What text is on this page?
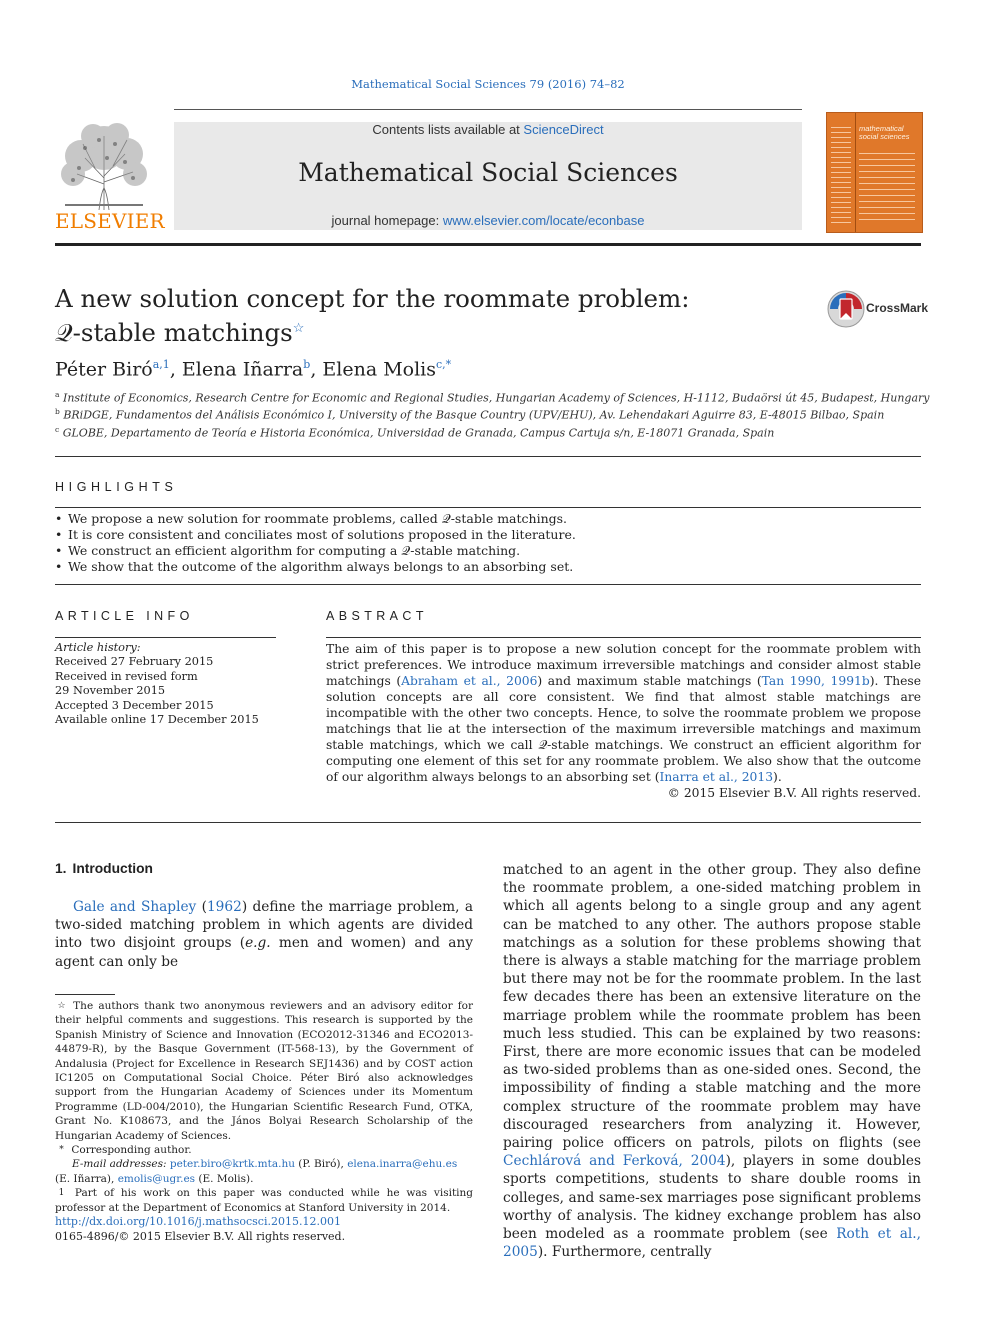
Mathematical Social Sciences 79 (2016) 74–82
ELSEVIER
Contents lists available at ScienceDirect
Mathematical Social Sciences
journal homepage: www.elsevier.com/locate/econbase
mathematical social sciences
A new solution concept for the roommate problem:
𝒬-stable matchings☆
CrossMark
Péter Biró$^{a,1}$, Elena Iñarra$^b$, Elena Molis$^{c,*}$
$^a$ Institute of Economics, Research Centre for Economic and Regional Studies, Hungarian Academy of Sciences, H-1112, Budaörsi út 45, Budapest, Hungary
$^b$ BRiDGE, Fundamentos del Análisis Económico I, University of the Basque Country (UPV/EHU), Av. Lehendakari Aguirre 83, E-48015 Bilbao, Spain
$^c$ GLOBE, Departamento de Teoría e Historia Económica, Universidad de Granada, Campus Cartuja s/n, E-18071 Granada, Spain
HIGHLIGHTS
• We propose a new solution for roommate problems, called 𝒬-stable matchings.
• It is core consistent and conciliates most of solutions proposed in the literature.
• We construct an efficient algorithm for computing a 𝒬-stable matching.
• We show that the outcome of the algorithm always belongs to an absorbing set.
ARTICLE INFO
Article history:
Received 27 February 2015
Received in revised form
29 November 2015
Accepted 3 December 2015
Available online 17 December 2015
ABSTRACT
The aim of this paper is to propose a new solution concept for the roommate problem with strict preferences. We introduce maximum irreversible matchings and consider almost stable matchings (Abraham et al., 2006) and maximum stable matchings (Tan 1990, 1991b). These solution concepts are all core consistent. We find that almost stable matchings are incompatible with the other two concepts. Hence, to solve the roommate problem we propose matchings that lie at the intersection of the maximum irreversible matchings and maximum stable matchings, which we call 𝒬-stable matchings. We construct an efficient algorithm for computing one element of this set for any roommate problem. We also show that the outcome of our algorithm always belongs to an absorbing set (Inarra et al., 2013).
© 2015 Elsevier B.V. All rights reserved.
1. Introduction
Gale and Shapley (1962) define the marriage problem, a two-sided matching problem in which agents are divided into two disjoint groups (e.g. men and women) and any agent can only be
matched to an agent in the other group. They also define the roommate problem, a one-sided matching problem in which all agents belong to a single group and any agent can be matched to any other. The authors propose stable matchings as a solution for these problems showing that there is always a stable matching for the marriage problem but there may not be for the roommate problem. In the last few decades there has been an extensive literature on the marriage problem while the roommate problem has been much less studied. This can be explained by two reasons: First, there are more economic issues that can be modeled as two-sided problems than as one-sided ones. Second, the impossibility of finding a stable matching and the more complex structure of the roommate problem may have discouraged researchers from analyzing it. However, pairing police officers on patrols, pilots on flights (see Cechlárová and Ferková, 2004), players in some doubles sports competitions, students to share double rooms in colleges, and same-sex marriages pose significant problems worthy of analysis. The kidney exchange problem has also been modeled as a roommate problem (see Roth et al., 2005). Furthermore, centrally

☆ The authors thank two anonymous reviewers and an advisory editor for their helpful comments and suggestions. This research is supported by the Spanish Ministry of Science and Innovation (ECO2012-31346 and ECO2013-44879-R), by the Basque Government (IT-568-13), by the Government of Andalusia (Project for Excellence in Research SEJ1436) and by COST action IC1205 on Computational Social Choice. Péter Biró also acknowledges support from the Hungarian Academy of Sciences under its Momentum Programme (LD-004/2010), the Hungarian Scientific Research Fund, OTKA, Grant No. K108673, and the János Bolyai Research Scholarship of the Hungarian Academy of Sciences.

* Corresponding author.

E-mail addresses: peter.biro@krtk.mta.hu (P. Biró), elena.inarra@ehu.es
(E. Iñarra), emolis@ugr.es (E. Molis).

1 Part of his work on this paper was conducted while he was visiting professor at the Department of Economics at Stanford University in 2014.

http://dx.doi.org/10.1016/j.mathsocsci.2015.12.001
0165-4896/© 2015 Elsevier B.V. All rights reserved.
